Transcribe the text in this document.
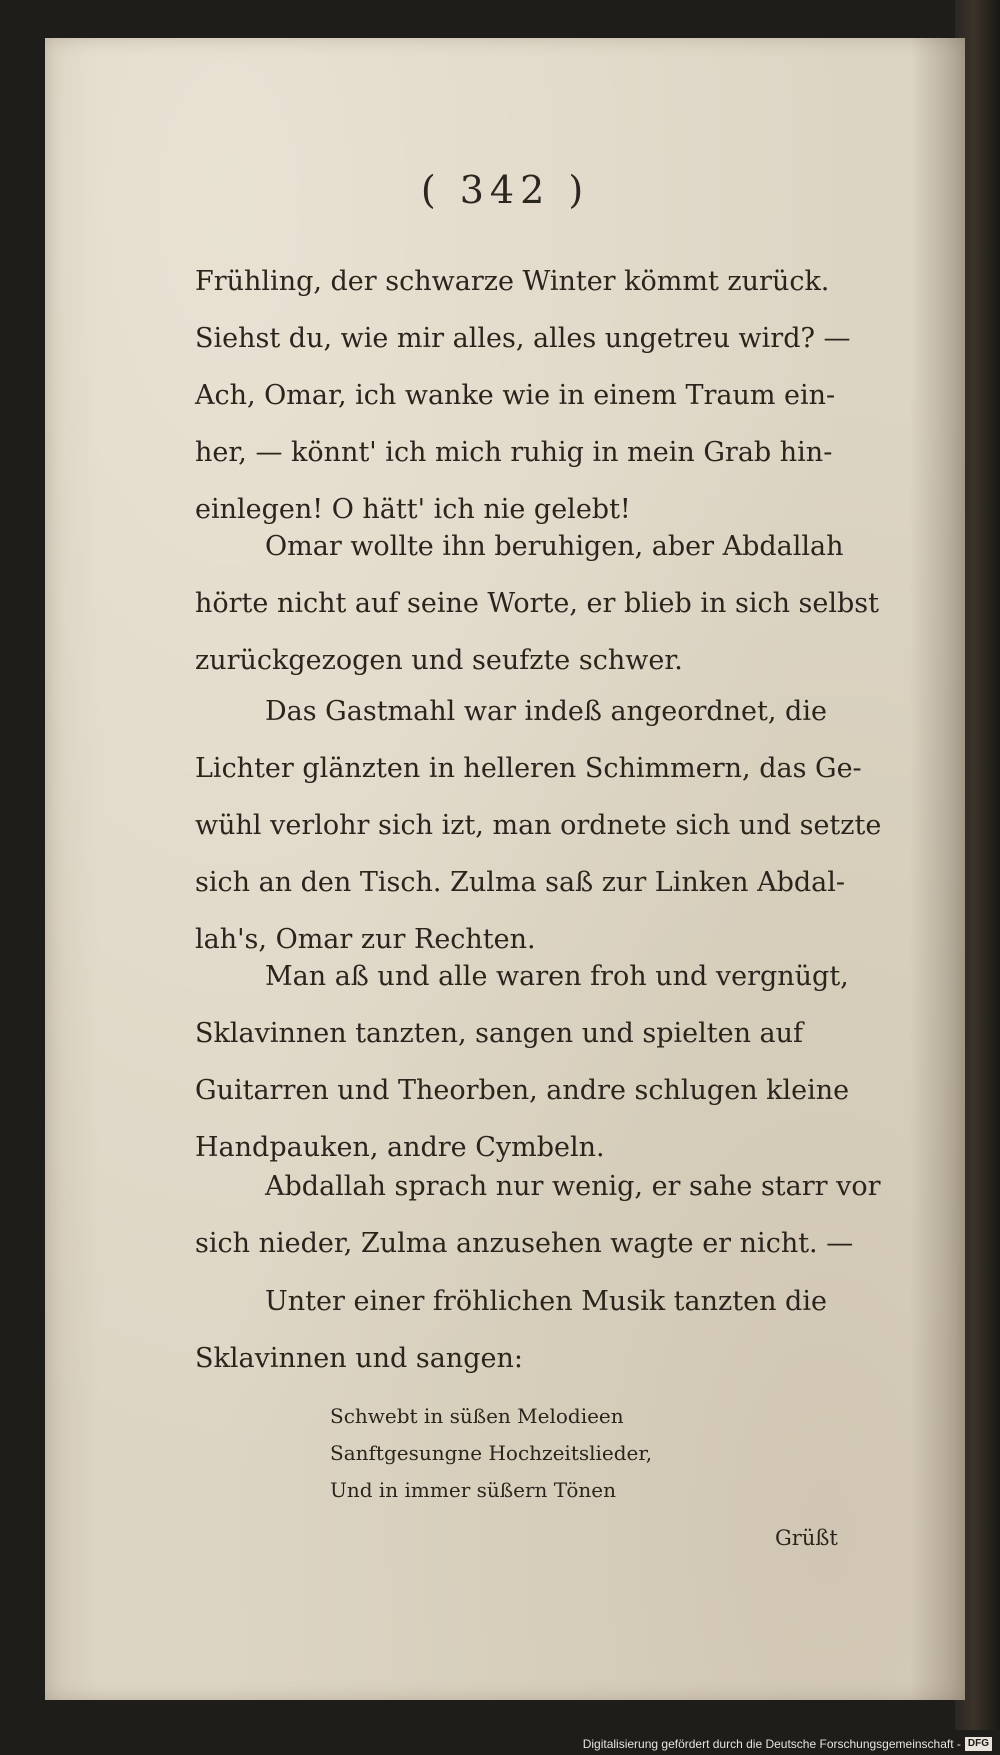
( 342 )
Frühling, der schwarze Winter kömmt zurück.
Siehst du, wie mir alles, alles ungetreu wird? —
Ach, Omar, ich wanke wie in einem Traum ein-
her, — könnt' ich mich ruhig in mein Grab hin-
einlegen! O hätt' ich nie gelebt!
Omar wollte ihn beruhigen, aber Abdallah
hörte nicht auf seine Worte, er blieb in sich selbst
zurückgezogen und seufzte schwer.
Das Gastmahl war indeß angeordnet, die
Lichter glänzten in helleren Schimmern, das Ge-
wühl verlohr sich izt, man ordnete sich und setzte
sich an den Tisch. Zulma saß zur Linken Abdal-
lah's, Omar zur Rechten.
Man aß und alle waren froh und vergnügt,
Sklavinnen tanzten, sangen und spielten auf
Guitarren und Theorben, andre schlugen kleine
Handpauken, andre Cymbeln.
Abdallah sprach nur wenig, er sahe starr vor
sich nieder, Zulma anzusehen wagte er nicht. —
Unter einer fröhlichen Musik tanzten die
Sklavinnen und sangen:
Schwebt in süßen Melodieen
Sanftgesungne Hochzeitslieder,
Und in immer süßern Tönen
Grüßt
Digitalisierung gefördert durch die Deutsche Forschungsgemeinschaft - DFG
